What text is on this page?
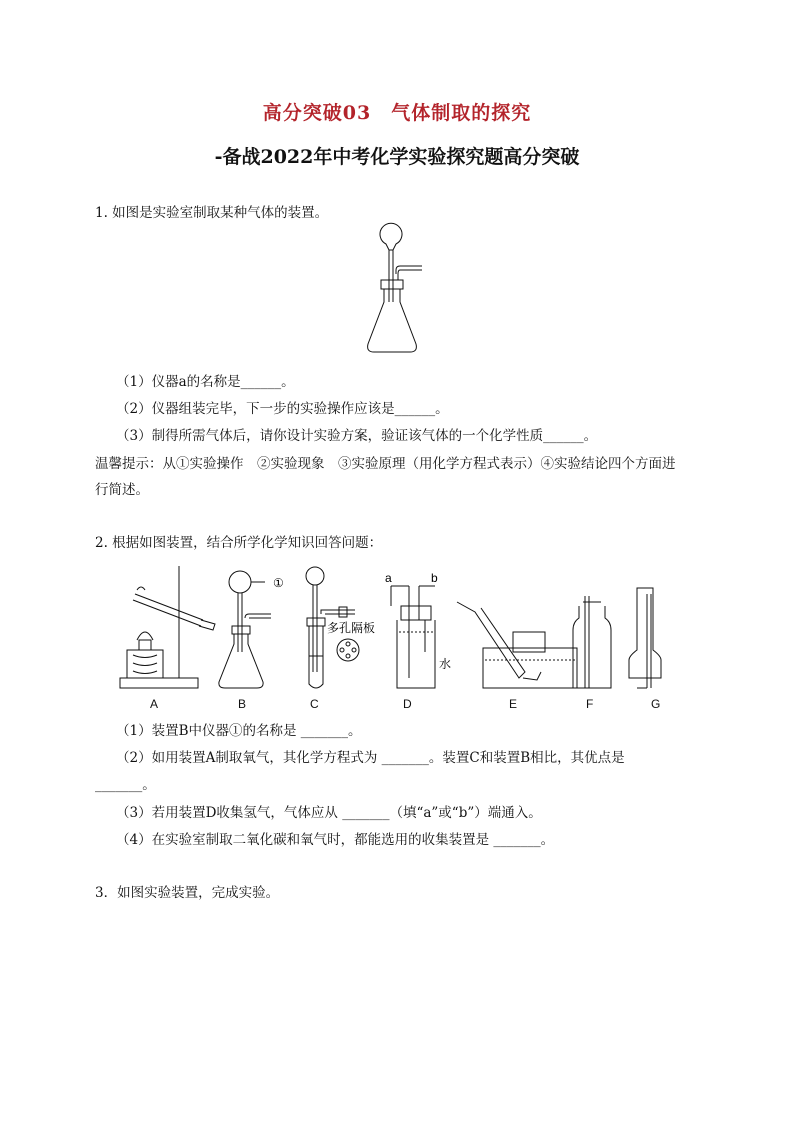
高分突破03　气体制取的探究
-备战2022年中考化学实验探究题高分突破
1. 如图是实验室制取某种气体的装置。
（1）仪器a的名称是______。
（2）仪器组装完毕，下一步的实验操作应该是______。
（3）制得所需气体后，请你设计实验方案，验证该气体的一个化学性质______。
温馨提示：从①实验操作　②实验现象　③实验原理（用化学方程式表示）④实验结论四个方面进
行简述。
2. 根据如图装置，结合所学化学知识回答问题：
①
多孔隔板
a	b
水
A	B	C	D	E	F	G
（1）装置B中仪器①的名称是 _______。
（2）如用装置A制取氧气，其化学方程式为 _______。装置C和装置B相比，其优点是
_______。
（3）若用装置D收集氢气，气体应从 _______（填“a”或“b”）端通入。
（4）在实验室制取二氧化碳和氧气时，都能选用的收集装置是 _______。
3．如图实验装置，完成实验。
